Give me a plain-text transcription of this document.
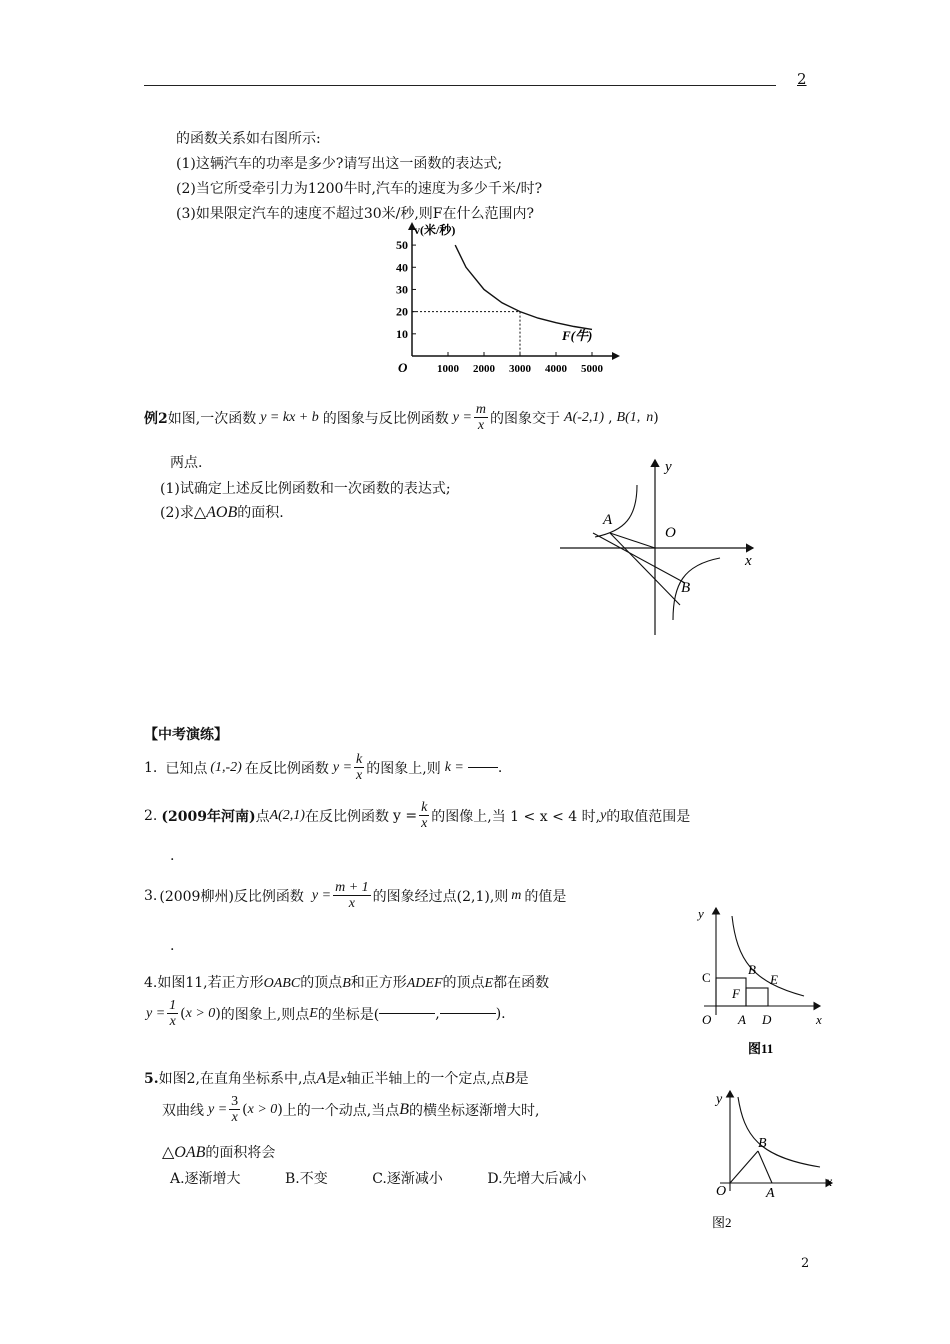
2
的函数关系如右图所示:
(1)这辆汽车的功率是多少?请写出这一函数的表达式;
(2)当它所受牵引力为1200牛时,汽车的速度为多少千米/时?
(3)如果限定汽车的速度不超过30米/秒,则F在什么范围内?
10
20
30
40
50
1000 2000 3000 4000 5000
O
v(米/秒)
F(牛)
例2 如图,一次函数 y = kx + b 的图象与反比例函数 $y = \frac{m}{x}$ 的图象交于 A(-2,1) , B(1, n )
两点.
(1)试确定上述反比例函数和一次函数的表达式;
(2)求△AOB的面积.
y
x
O
A
B
【中考演练】
1. 已知点 (1,-2) 在反比例函数 $y = \frac{k}{x}$ 的图象上,则 k = .
2. (2009年河南) 点 A(2,1) 在反比例函数 $y = \frac{k}{x}$ 的图像上,当 1 < x < 4 时, y 的取值范围是
.
3. (2009柳州) 反比例函数 $y = \frac{m + 1}{x}$ 的图象经过点(2,1),则 m 的值是
.
4.如图11,若正方形OABC的顶点B和正方形ADEF的顶点E都在函数
$y = \frac{1}{x}$ ( x > 0 ) 的图象上,则点 E 的坐标是(	,	).
y
x
C
B
E
F
O A D
图11
5.如图2,在直角坐标系中,点A是x轴正半轴上的一个定点,点B是
双曲线 $y = \frac{3}{x}$ ( x > 0 ) 上的一个动点,当点 B 的横坐标逐渐增大时,
△OAB的面积将会
A.逐渐增大	B.不变	C.逐渐减小	D.先增大后减小
y
x
O	A
B
图2
2
